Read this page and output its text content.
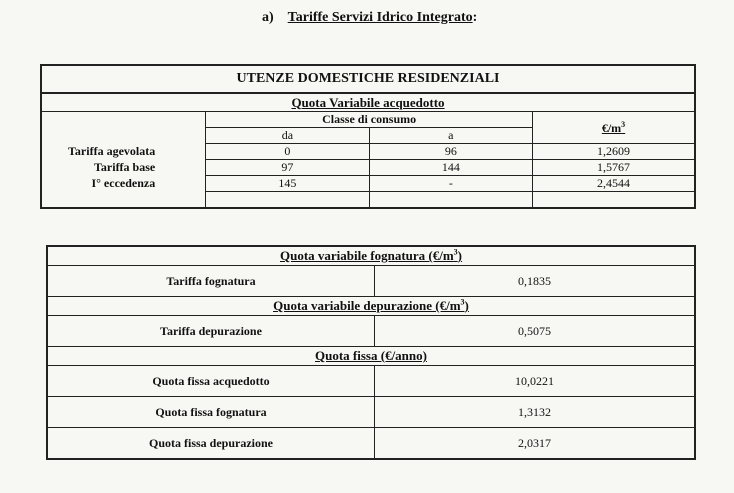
a) Tariffe Servizi Idrico Integrato:
UTENZE DOMESTICHE RESIDENZIALI			
Quota Variabile acquedotto			
	Classe di consumo		$€/m^3$
	da	a	
Tariffa agevolata	0	96	1,2609
Tariffa base	97	144	1,5767
I° eccedenza	145	-	2,4544

Quota variabile fognatura $(€/m^3)$	
Tariffa fognatura	0,1835
Quota variabile depurazione $(€/m^3)$	
Tariffa depurazione	0,5075
Quota fissa (€/anno)	
Quota fissa acquedotto	10,0221
Quota fissa fognatura	1,3132
Quota fissa depurazione	2,0317
